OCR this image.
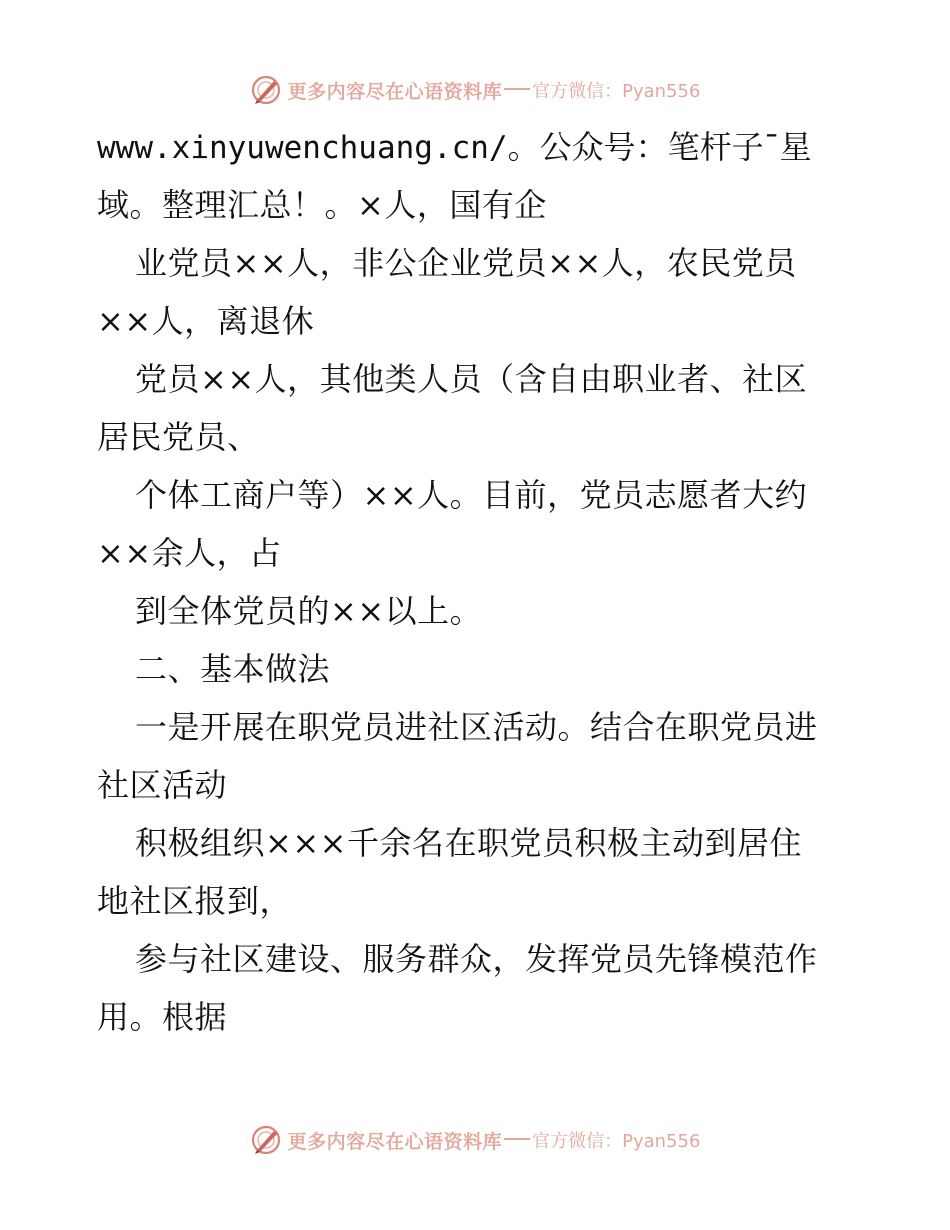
更多内容尽在心语资料库 官方微信：Pyan556
www.xinyuwenchuang.cn/。公众号：笔杆子¯星
域。整理汇总！。×人，国有企
业党员××人，非公企业党员××人，农民党员
××人，离退休
党员××人，其他类人员（含自由职业者、社区
居民党员、
个体工商户等）××人。目前，党员志愿者大约
××余人，占
到全体党员的××以上。
二、基本做法
一是开展在职党员进社区活动。结合在职党员进
社区活动
积极组织×××千余名在职党员积极主动到居住
地社区报到，
参与社区建设、服务群众，发挥党员先锋模范作
用。根据
更多内容尽在心语资料库 官方微信：Pyan556
